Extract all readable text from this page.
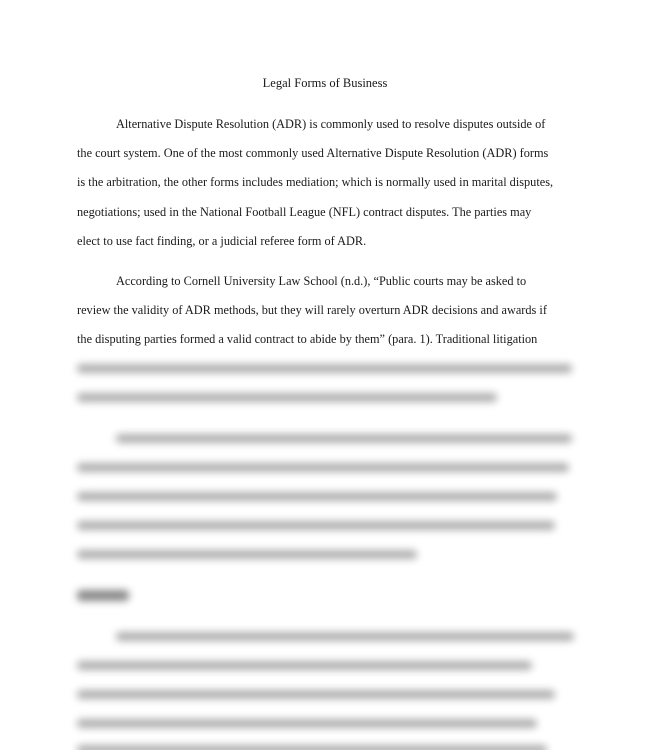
Legal Forms of Business

Alternative Dispute Resolution (ADR) is commonly used to resolve disputes outside of
the court system. One of the most commonly used Alternative Dispute Resolution (ADR) forms
is the arbitration, the other forms includes mediation; which is normally used in marital disputes,
negotiations; used in the National Football League (NFL) contract disputes. The parties may
elect to use fact finding, or a judicial referee form of ADR.

According to Cornell University Law School (n.d.), “Public courts may be asked to
review the validity of ADR methods, but they will rarely overturn ADR decisions and awards if
the disputing parties formed a valid contract to abide by them” (para. 1). Traditional litigation
